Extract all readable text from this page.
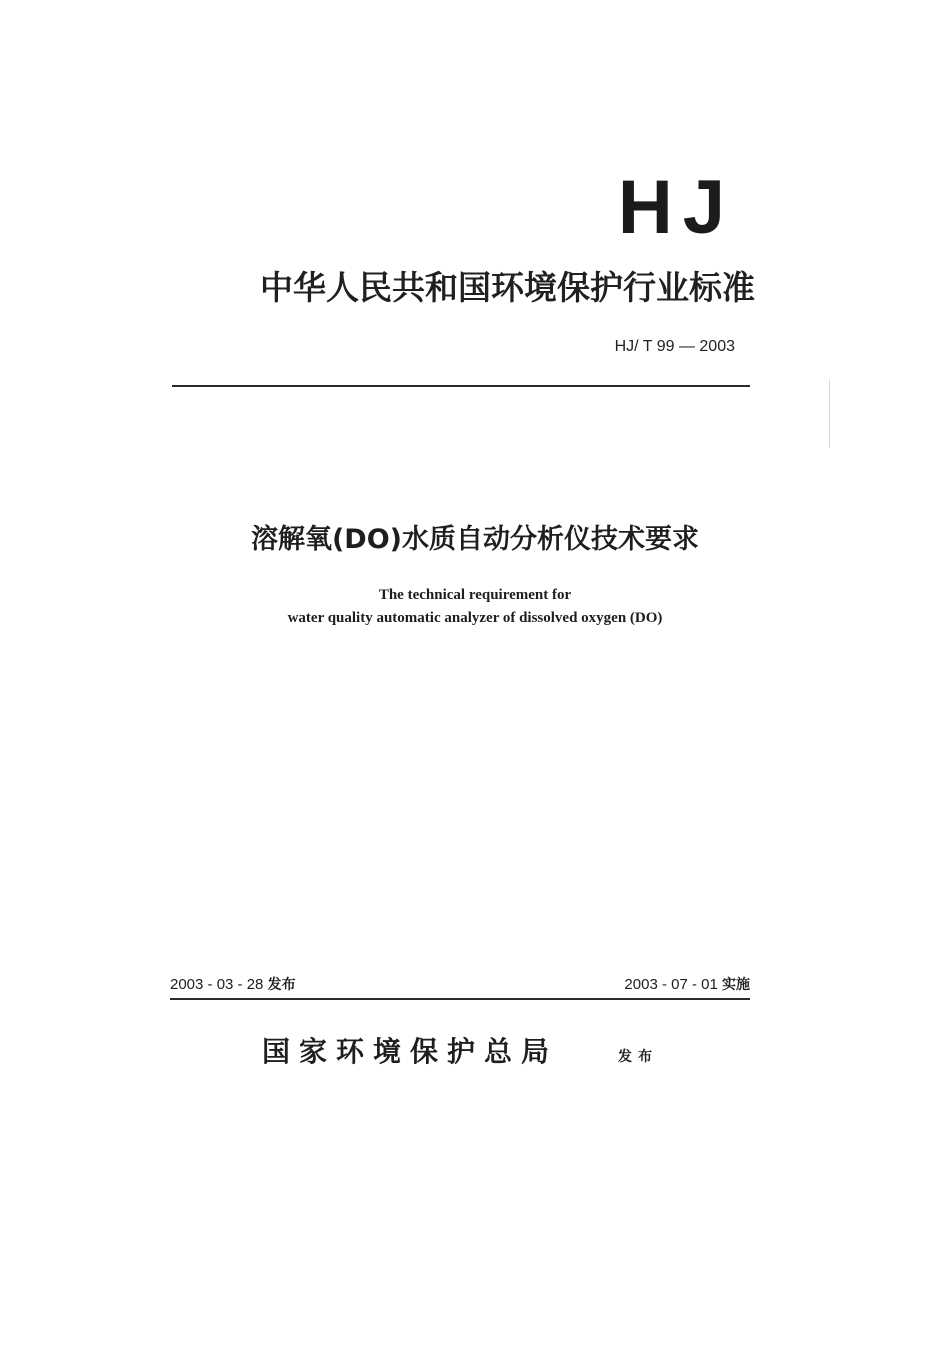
HJ
中华人民共和国环境保护行业标准
HJ/ T 99 — 2003
溶解氧(DO)水质自动分析仪技术要求
The technical requirement for
water quality automatic analyzer of dissolved oxygen (DO)
2003 - 03 - 28 发布	2003 - 07 - 01 实施
国家环境保护总局	发布
